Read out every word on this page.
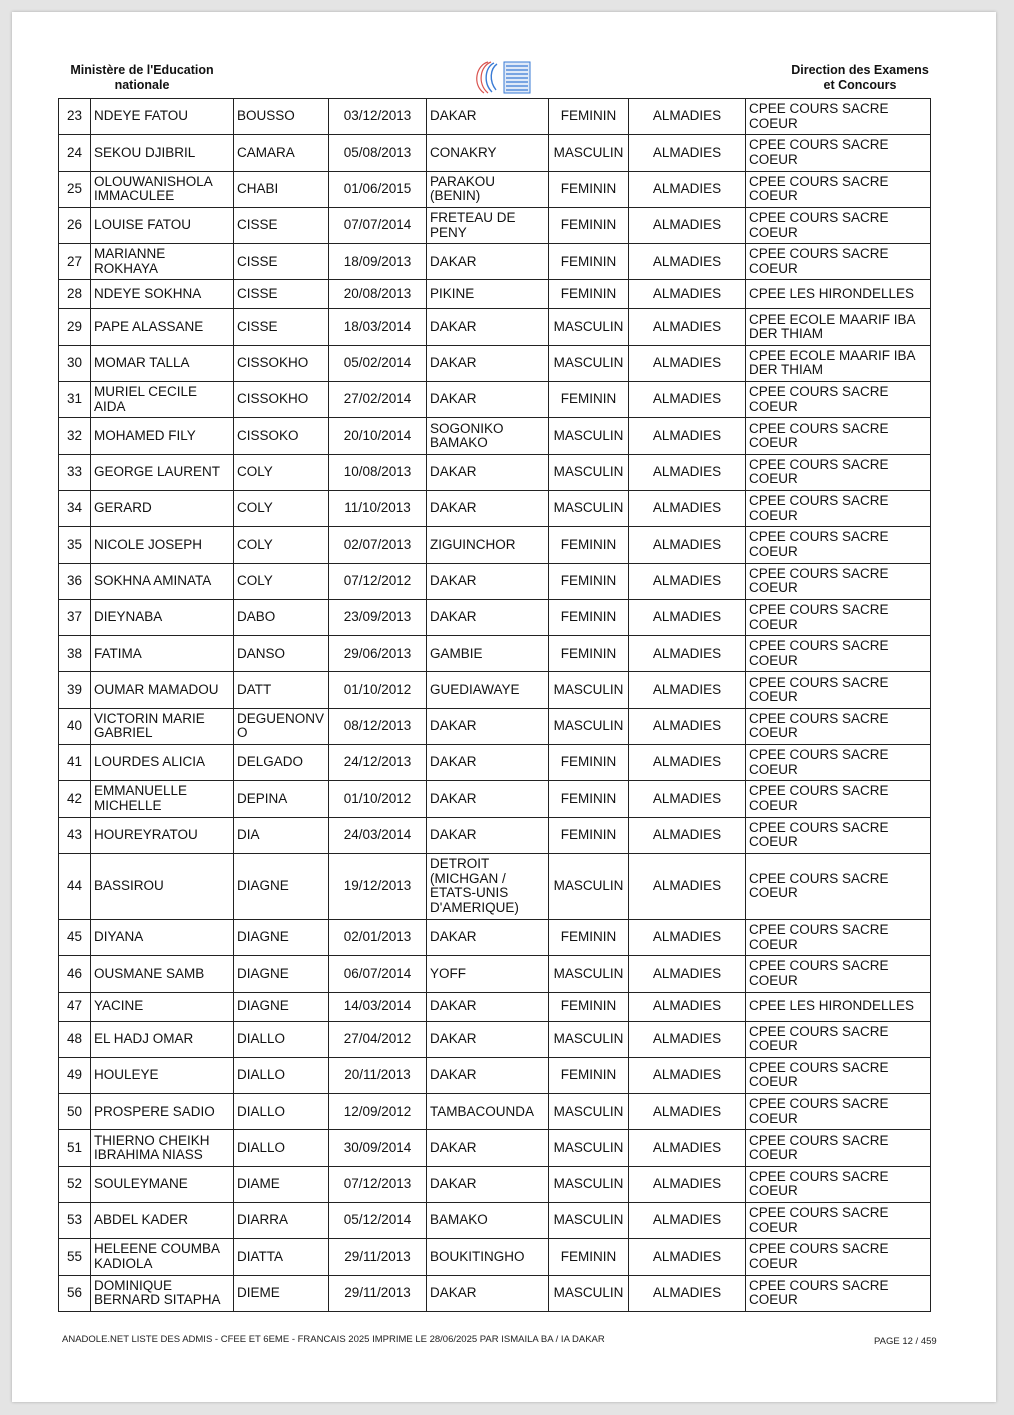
Ministère de l'Education
nationale
Direction des Examens
et Concours
23	NDEYE FATOU	BOUSSO	03/12/2013	DAKAR	FEMININ	ALMADIES	CPEE COURS SACRE COEUR
24	SEKOU DJIBRIL	CAMARA	05/08/2013	CONAKRY	MASCULIN	ALMADIES	CPEE COURS SACRE COEUR
25	OLOUWANISHOLA IMMACULEE	CHABI	01/06/2015	PARAKOU (BENIN)	FEMININ	ALMADIES	CPEE COURS SACRE COEUR
26	LOUISE FATOU	CISSE	07/07/2014	FRETEAU DE PENY	FEMININ	ALMADIES	CPEE COURS SACRE COEUR
27	MARIANNE ROKHAYA	CISSE	18/09/2013	DAKAR	FEMININ	ALMADIES	CPEE COURS SACRE COEUR
28	NDEYE SOKHNA	CISSE	20/08/2013	PIKINE	FEMININ	ALMADIES	CPEE LES HIRONDELLES
29	PAPE ALASSANE	CISSE	18/03/2014	DAKAR	MASCULIN	ALMADIES	CPEE ECOLE MAARIF IBA DER THIAM
30	MOMAR TALLA	CISSOKHO	05/02/2014	DAKAR	MASCULIN	ALMADIES	CPEE ECOLE MAARIF IBA DER THIAM
31	MURIEL CECILE AIDA	CISSOKHO	27/02/2014	DAKAR	FEMININ	ALMADIES	CPEE COURS SACRE COEUR
32	MOHAMED FILY	CISSOKO	20/10/2014	SOGONIKO BAMAKO	MASCULIN	ALMADIES	CPEE COURS SACRE COEUR
33	GEORGE LAURENT	COLY	10/08/2013	DAKAR	MASCULIN	ALMADIES	CPEE COURS SACRE COEUR
34	GERARD	COLY	11/10/2013	DAKAR	MASCULIN	ALMADIES	CPEE COURS SACRE COEUR
35	NICOLE JOSEPH	COLY	02/07/2013	ZIGUINCHOR	FEMININ	ALMADIES	CPEE COURS SACRE COEUR
36	SOKHNA AMINATA	COLY	07/12/2012	DAKAR	FEMININ	ALMADIES	CPEE COURS SACRE COEUR
37	DIEYNABA	DABO	23/09/2013	DAKAR	FEMININ	ALMADIES	CPEE COURS SACRE COEUR
38	FATIMA	DANSO	29/06/2013	GAMBIE	FEMININ	ALMADIES	CPEE COURS SACRE COEUR
39	OUMAR MAMADOU	DATT	01/10/2012	GUEDIAWAYE	MASCULIN	ALMADIES	CPEE COURS SACRE COEUR
40	VICTORIN MARIE GABRIEL	DEGUENONV O	08/12/2013	DAKAR	MASCULIN	ALMADIES	CPEE COURS SACRE COEUR
41	LOURDES ALICIA	DELGADO	24/12/2013	DAKAR	FEMININ	ALMADIES	CPEE COURS SACRE COEUR
42	EMMANUELLE MICHELLE	DEPINA	01/10/2012	DAKAR	FEMININ	ALMADIES	CPEE COURS SACRE COEUR
43	HOUREYRATOU	DIA	24/03/2014	DAKAR	FEMININ	ALMADIES	CPEE COURS SACRE COEUR
44	BASSIROU	DIAGNE	19/12/2013	DETROIT (MICHGAN / ETATS-UNIS D'AMERIQUE)	MASCULIN	ALMADIES	CPEE COURS SACRE COEUR
45	DIYANA	DIAGNE	02/01/2013	DAKAR	FEMININ	ALMADIES	CPEE COURS SACRE COEUR
46	OUSMANE SAMB	DIAGNE	06/07/2014	YOFF	MASCULIN	ALMADIES	CPEE COURS SACRE COEUR
47	YACINE	DIAGNE	14/03/2014	DAKAR	FEMININ	ALMADIES	CPEE LES HIRONDELLES
48	EL HADJ OMAR	DIALLO	27/04/2012	DAKAR	MASCULIN	ALMADIES	CPEE COURS SACRE COEUR
49	HOULEYE	DIALLO	20/11/2013	DAKAR	FEMININ	ALMADIES	CPEE COURS SACRE COEUR
50	PROSPERE SADIO	DIALLO	12/09/2012	TAMBACOUNDA	MASCULIN	ALMADIES	CPEE COURS SACRE COEUR
51	THIERNO CHEIKH IBRAHIMA NIASS	DIALLO	30/09/2014	DAKAR	MASCULIN	ALMADIES	CPEE COURS SACRE COEUR
52	SOULEYMANE	DIAME	07/12/2013	DAKAR	MASCULIN	ALMADIES	CPEE COURS SACRE COEUR
53	ABDEL KADER	DIARRA	05/12/2014	BAMAKO	MASCULIN	ALMADIES	CPEE COURS SACRE COEUR
55	HELEENE COUMBA KADIOLA	DIATTA	29/11/2013	BOUKITINGHO	FEMININ	ALMADIES	CPEE COURS SACRE COEUR
56	DOMINIQUE BERNARD SITAPHA	DIEME	29/11/2013	DAKAR	MASCULIN	ALMADIES	CPEE COURS SACRE COEUR
ANADOLE.NET LISTE DES ADMIS - CFEE ET 6EME - FRANCAIS 2025 IMPRIME LE 28/06/2025 PAR ISMAILA BA / IA DAKAR	PAGE 12 / 459
